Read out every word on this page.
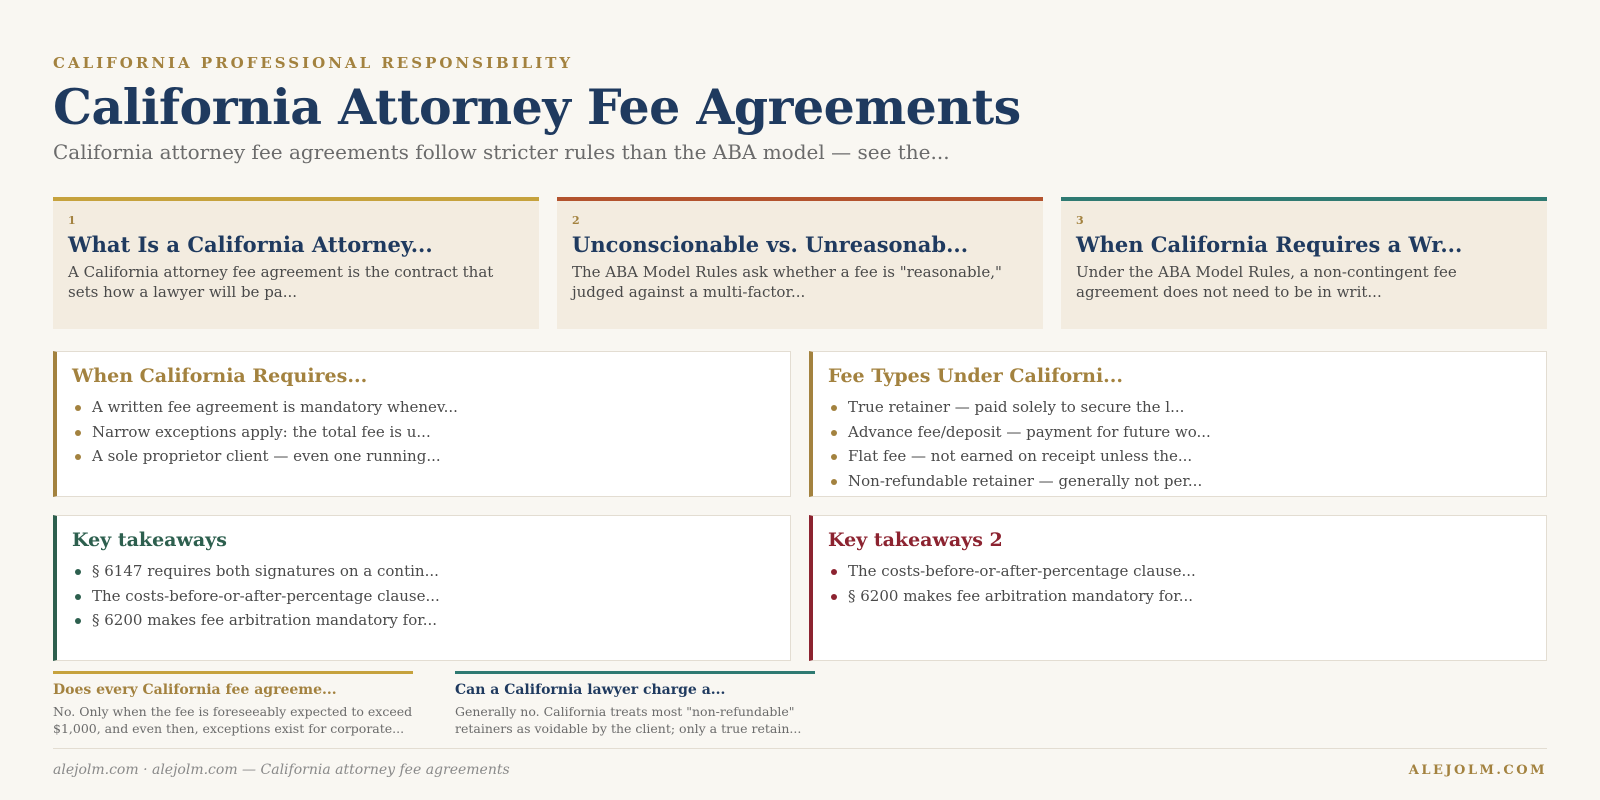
CALIFORNIA PROFESSIONAL RESPONSIBILITY
California Attorney Fee Agreements
California attorney fee agreements follow stricter rules than the ABA model — see the...
1
What Is a California Attorney...
A California attorney fee agreement is the contract that sets how a lawyer will be pa...
2
Unconscionable vs. Unreasonab...
The ABA Model Rules ask whether a fee is "reasonable," judged against a multi-factor...
3
When California Requires a Wr...
Under the ABA Model Rules, a non-contingent fee agreement does not need to be in writ...
When California Requires...
A written fee agreement is mandatory whenev...
Narrow exceptions apply: the total fee is u...
A sole proprietor client — even one running...
Fee Types Under Californi...
True retainer — paid solely to secure the l...
Advance fee/deposit — payment for future wo...
Flat fee — not earned on receipt unless the...
Non-refundable retainer — generally not per...
Key takeaways
§ 6147 requires both signatures on a contin...
The costs-before-or-after-percentage clause...
§ 6200 makes fee arbitration mandatory for...
Key takeaways 2
The costs-before-or-after-percentage clause...
§ 6200 makes fee arbitration mandatory for...
Does every California fee agreeme...
No. Only when the fee is foreseeably expected to exceed $1,000, and even then, exceptions exist for corporate...
Can a California lawyer charge a...
Generally no. California treats most "non-refundable" retainers as voidable by the client; only a true retain...
alejolm.com · alejolm.com — California attorney fee agreements	ALEJOLM.COM
